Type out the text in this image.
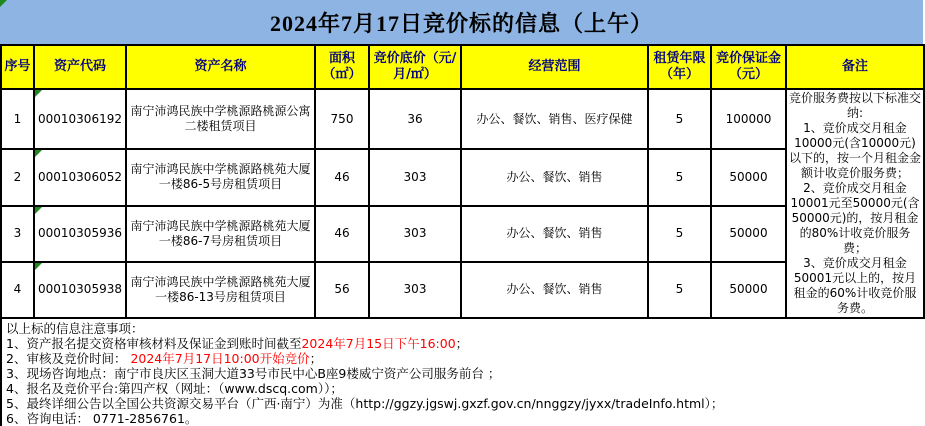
2024年7月17日竞价标的信息（上午）
序号	资产代码	资产名称	面积（㎡）	竞价底价（元/月/㎡）	经营范围	租赁年限（年）	竞价保证金（元）	备注
1	00010306192	南宁沛鸿民族中学桃源路桃源公寓二楼租赁项目	750	36	办公、餐饮、销售、医疗保健	5	100000	竞价服务费按以下标准交纳:
1、竞价成交月租金10000元(含10000元)以下的，按一个月租金金额计收竞价服务费；
2、竞价成交月租金10001元至50000元(含50000元)的，按月租金的80%计收竞价服务费；
3、竞价成交月租金50001元以上的，按月租金的60%计收竞价服务费。

2	00010306052	南宁沛鸿民族中学桃源路桃苑大厦一楼86-5号房租赁项目	46	303	办公、餐饮、销售	5	50000	
3	00010305936	南宁沛鸿民族中学桃源路桃苑大厦一楼86-7号房租赁项目	46	303	办公、餐饮、销售	5	50000	
4	00010305938	南宁沛鸿民族中学桃源路桃苑大厦一楼86-13号房租赁项目	56	303	办公、餐饮、销售	5	50000	
以上标的信息注意事项：
1、资产报名提交资格审核材料及保证金到账时间截至2024年7月15日下午16:00；
2、审核及竞价时间： 2024年7月17日10:00开始竞价；
3、现场咨询地点：南宁市良庆区玉洞大道33号市民中心B座9楼威宁资产公司服务前台 ；
4、报名及竞价平台:第四产权（网址：（www.dscq.com））；
5、最终详细公告以全国公共资源交易平台（广西·南宁）为准（http://ggzy.jgswj.gxzf.gov.cn/nnggzy/jyxx/tradeInfo.html）；
6、咨询电话： 0771-2856761。
